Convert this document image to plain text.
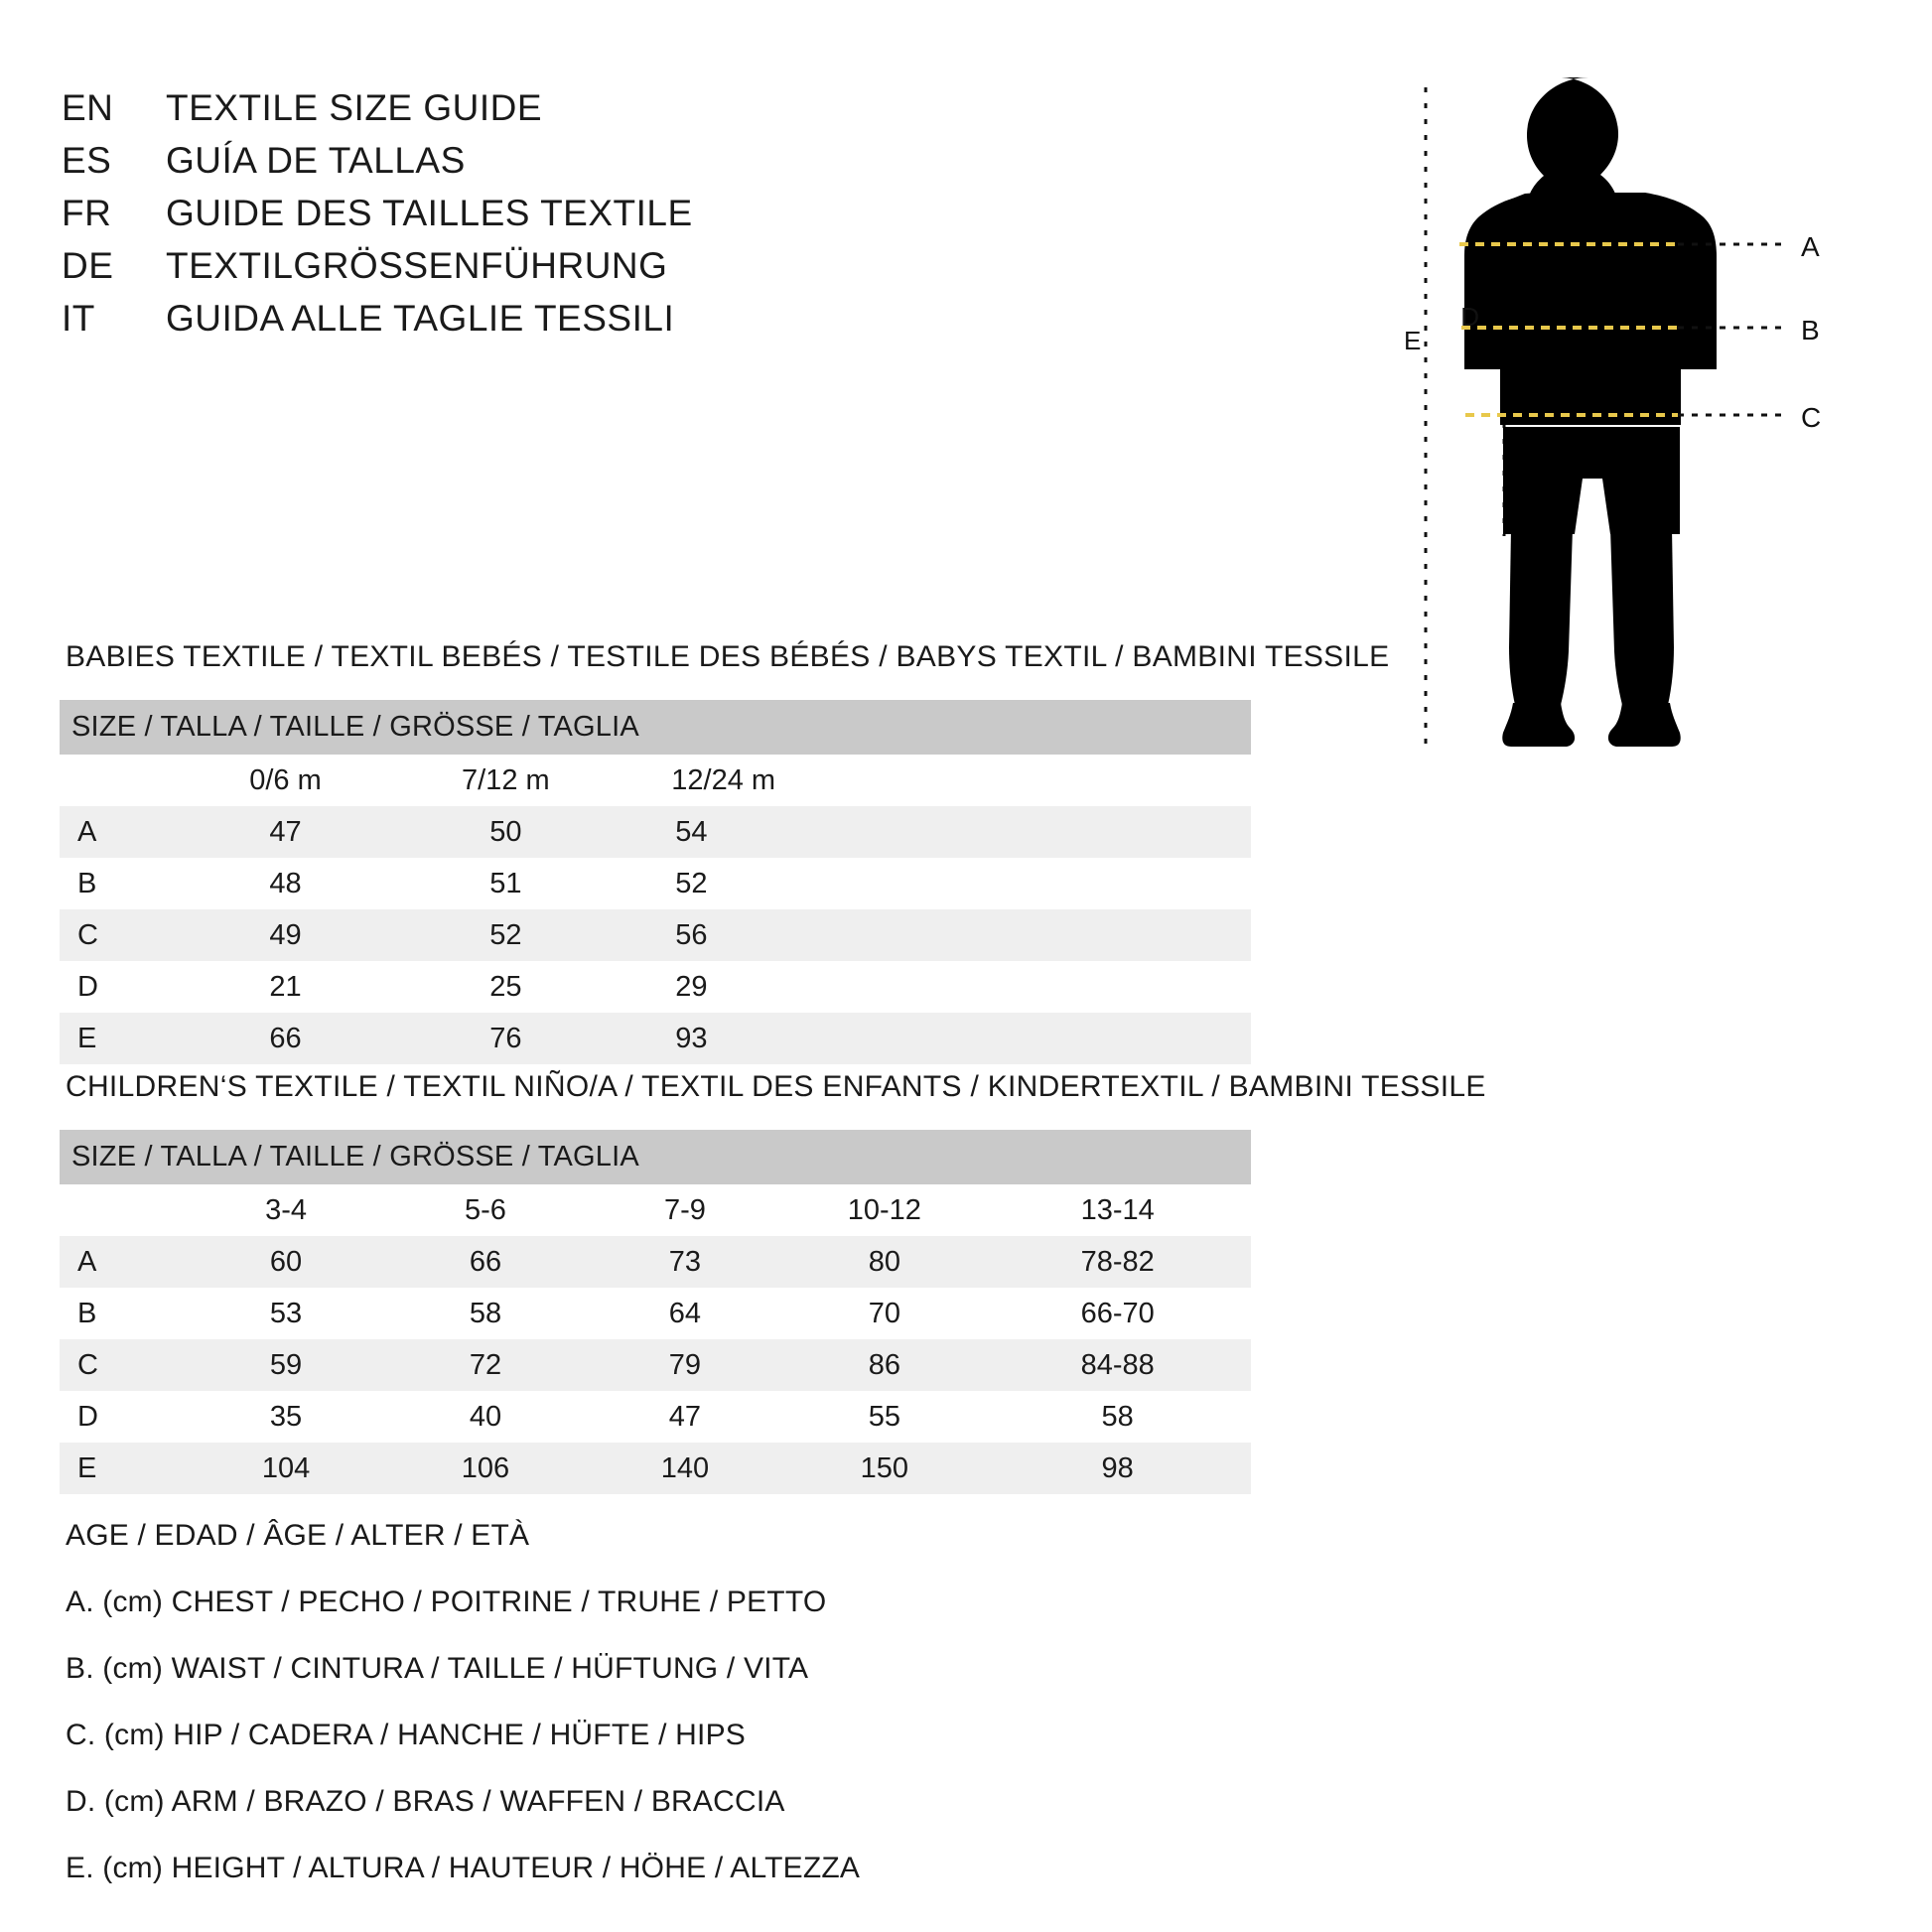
EN	TEXTILE SIZE GUIDE
ES	GUÍA DE TALLAS
FR	GUIDE DES TAILLES TEXTILE
DE	TEXTILGRÖSSENFÜHRUNG
IT	GUIDA ALLE TAGLIE TESSILI
A
B
C
D
E
BABIES TEXTILE / TEXTIL BEBÉS / TESTILE DES BÉBÉS / BABYS TEXTIL / BAMBINI TESSILE
SIZE / TALLA / TAILLE / GRÖSSE / TAGLIA			
	0/6 m	7/12 m	12/24 m
A	47	50	54
B	48	51	52
C	49	52	56
D	21	25	29
E	66	76	93
CHILDREN‘S TEXTILE / TEXTIL NIÑO/A / TEXTIL DES ENFANTS / KINDERTEXTIL / BAMBINI TESSILE
SIZE / TALLA / TAILLE / GRÖSSE / TAGLIA					
	3-4	5-6	7-9	10-12	13-14
A	60	66	73	80	78-82
B	53	58	64	70	66-70
C	59	72	79	86	84-88
D	35	40	47	55	58
E	104	106	140	150	98
AGE / EDAD / ÂGE / ALTER / ETÀ
A. (cm) CHEST / PECHO / POITRINE / TRUHE / PETTO
B. (cm) WAIST / CINTURA / TAILLE / HÜFTUNG / VITA
C. (cm) HIP / CADERA / HANCHE / HÜFTE / HIPS
D. (cm) ARM / BRAZO / BRAS / WAFFEN / BRACCIA
E. (cm) HEIGHT / ALTURA / HAUTEUR / HÖHE / ALTEZZA
